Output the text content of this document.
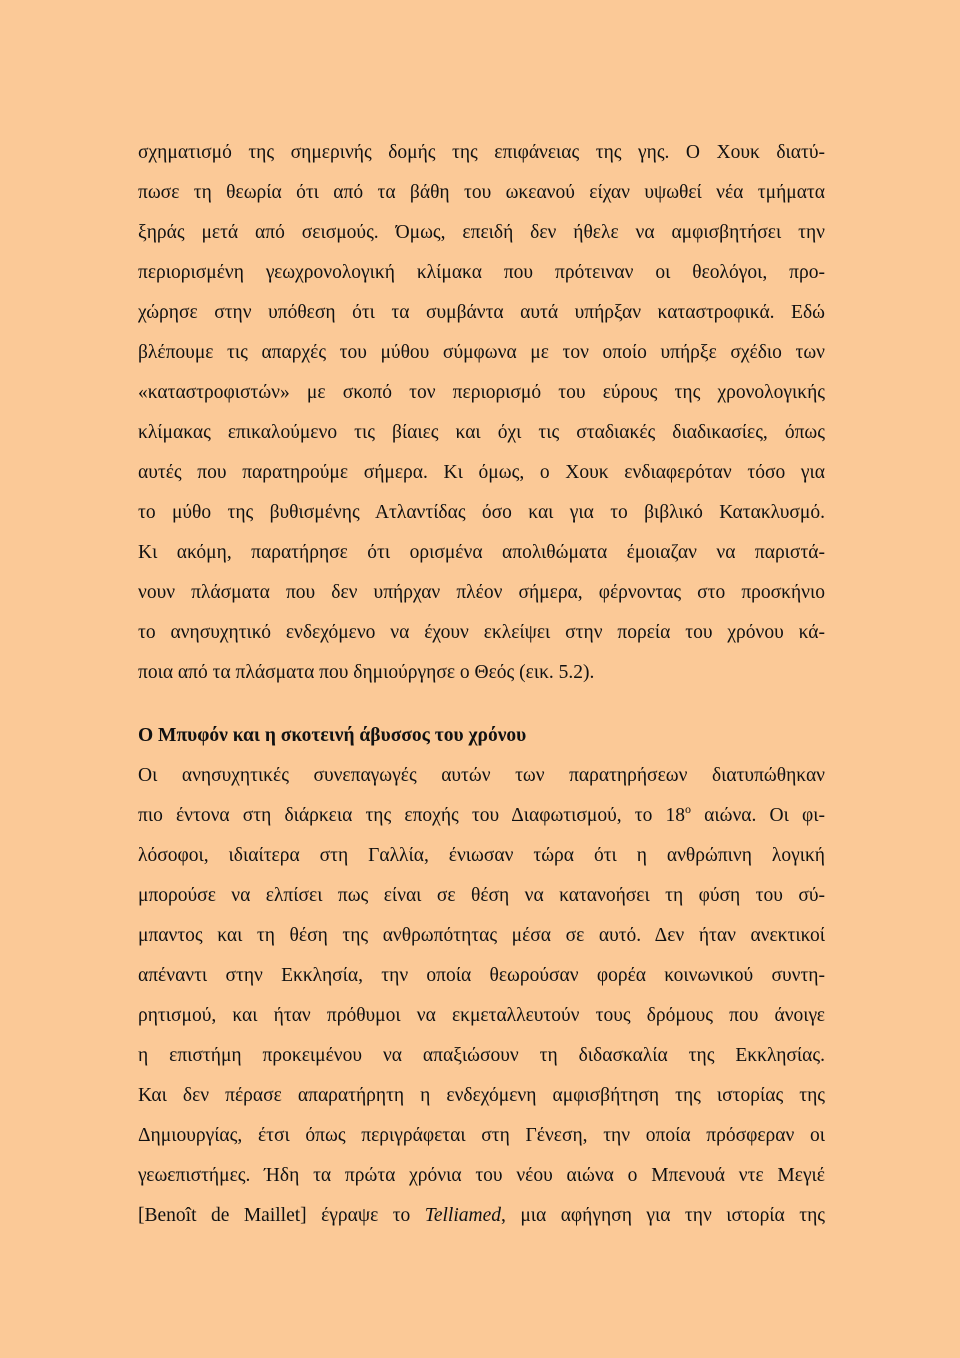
σχηματισμό της σημερινής δομής της επιφάνειας της γης. Ο Χουκ διατύ-
πωσε τη θεωρία ότι από τα βάθη του ωκεανού είχαν υψωθεί νέα τμήματα
ξηράς μετά από σεισμούς. Όμως, επειδή δεν ήθελε να αμφισβητήσει την
περιορισμένη γεωχρονολογική κλίμακα που πρότειναν οι θεολόγοι, προ-
χώρησε στην υπόθεση ότι τα συμβάντα αυτά υπήρξαν καταστροφικά. Εδώ
βλέπουμε τις απαρχές του μύθου σύμφωνα με τον οποίο υπήρξε σχέδιο των
«καταστροφιστών» με σκοπό τον περιορισμό του εύρους της χρονολογικής
κλίμακας επικαλούμενο τις βίαιες και όχι τις σταδιακές διαδικασίες, όπως
αυτές που παρατηρούμε σήμερα. Κι όμως, ο Χουκ ενδιαφερόταν τόσο για
το μύθο της βυθισμένης Ατλαντίδας όσο και για το βιβλικό Κατακλυσμό.
Κι ακόμη, παρατήρησε ότι ορισμένα απολιθώματα έμοιαζαν να παριστά-
νουν πλάσματα που δεν υπήρχαν πλέον σήμερα, φέρνοντας στο προσκήνιο
το ανησυχητικό ενδεχόμενο να έχουν εκλείψει στην πορεία του χρόνου κά-
ποια από τα πλάσματα που δημιούργησε ο Θεός (εικ. 5.2).
Ο Μπυφόν και η σκοτεινή άβυσσος του χρόνου
Οι ανησυχητικές συνεπαγωγές αυτών των παρατηρήσεων διατυπώθηκαν
πιο έντονα στη διάρκεια της εποχής του Διαφωτισμού, το $18^o$ αιώνα. Οι φι-
λόσοφοι, ιδιαίτερα στη Γαλλία, ένιωσαν τώρα ότι η ανθρώπινη λογική
μπορούσε να ελπίσει πως είναι σε θέση να κατανοήσει τη φύση του σύ-
μπαντος και τη θέση της ανθρωπότητας μέσα σε αυτό. Δεν ήταν ανεκτικοί
απέναντι στην Εκκλησία, την οποία θεωρούσαν φορέα κοινωνικού συντη-
ρητισμού, και ήταν πρόθυμοι να εκμεταλλευτούν τους δρόμους που άνοιγε
η επιστήμη προκειμένου να απαξιώσουν τη διδασκαλία της Εκκλησίας.
Και δεν πέρασε απαρατήρητη η ενδεχόμενη αμφισβήτηση της ιστορίας της
Δημιουργίας, έτσι όπως περιγράφεται στη Γένεση, την οποία πρόσφεραν οι
γεωεπιστήμες. Ήδη τα πρώτα χρόνια του νέου αιώνα ο Μπενουά ντε Μεγιέ
[Benoît de Maillet] έγραψε το Telliamed, μια αφήγηση για την ιστορία της
